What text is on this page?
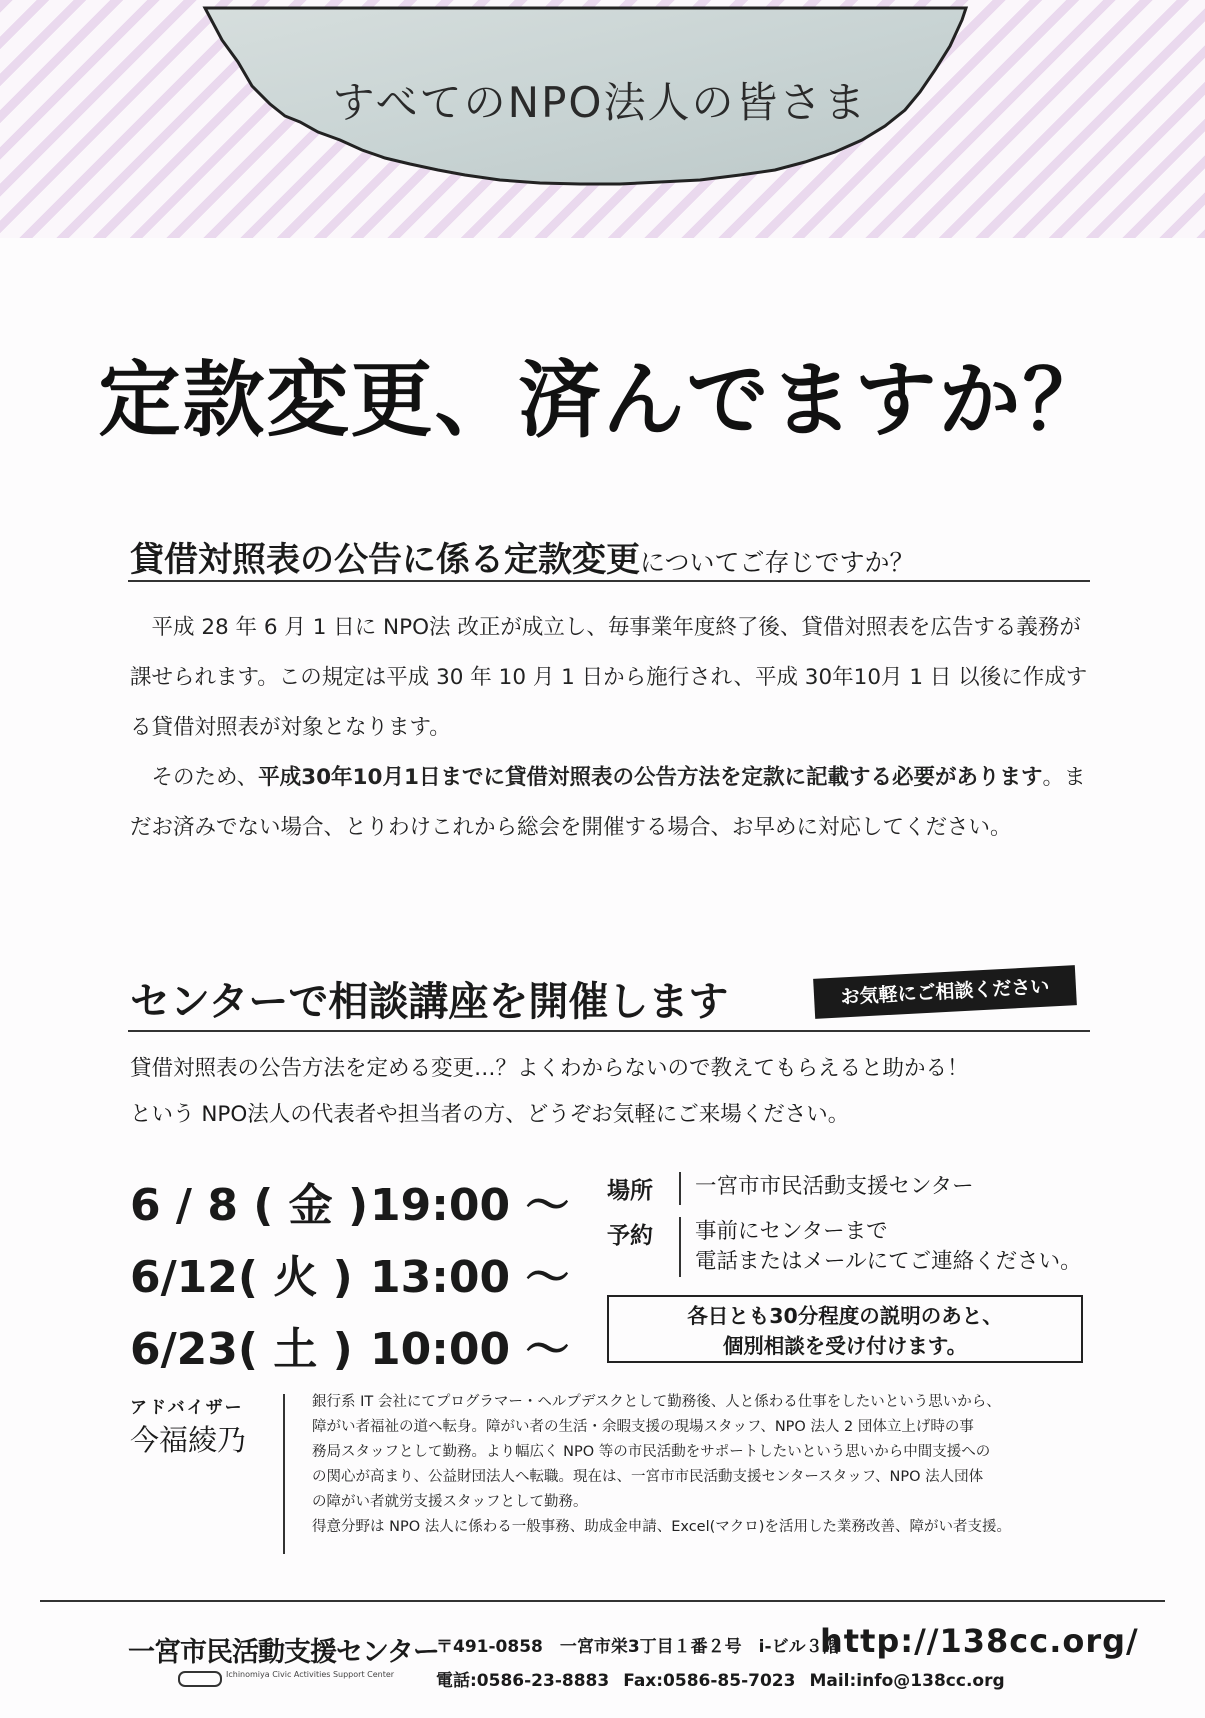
すべてのNPO法人の皆さま
定款変更、済んでますか？
貸借対照表の公告に係る定款変更についてご存じですか？

平成 28 年 6 月 1 日に NPO法 改正が成立し、毎事業年度終了後、貸借対照表を広告する義務が課せられます。この規定は平成 30 年 10 月 1 日から施行され、平成 30年10月 1 日 以後に作成する貸借対照表が対象となります。

そのため、平成30年10月1日までに貸借対照表の公告方法を定款に記載する必要があります。まだお済みでない場合、とりわけこれから総会を開催する場合、お早めに対応してください。

センターで相談講座を開催します	お気軽にご相談ください
貸借対照表の公告方法を定める変更…？よくわからないので教えてもらえると助かる！
という NPO法人の代表者や担当者の方、どうぞお気軽にご来場ください。
6 / 8 ( 金 )19:00 ～
6/12( 火 ) 13:00 ～
6/23( 土 ) 10:00 ～
場所	一宮市市民活動支援センター
予約	事前にセンターまで
電話またはメールにてご連絡ください。
各日とも30分程度の説明のあと、
個別相談を受け付けます。
アドバイザー
今福綾乃

銀行系 IT 会社にてプログラマー・ヘルプデスクとして勤務後、人と係わる仕事をしたいという思いから、

障がい者福祉の道へ転身。障がい者の生活・余暇支援の現場スタッフ、NPO 法人 2 団体立上げ時の事

務局スタッフとして勤務。より幅広く NPO 等の市民活動をサポートしたいという思いから中間支援への

の関心が高まり、公益財団法人へ転職。現在は、一宮市市民活動支援センタースタッフ、NPO 法人団体

の障がい者就労支援スタッフとして勤務。

得意分野は NPO 法人に係わる一般事務、助成金申請、Excel(マクロ)を活用した業務改善、障がい者支援。

一宮市民活動支援センター
Ichinomiya Civic Activities Support Center
〒491-0858　一宮市栄3丁目１番２号　i-ビル３階
http://138cc.org/
電話:0586-23-8883 Fax:0586-85-7023 Mail:info@138cc.org
